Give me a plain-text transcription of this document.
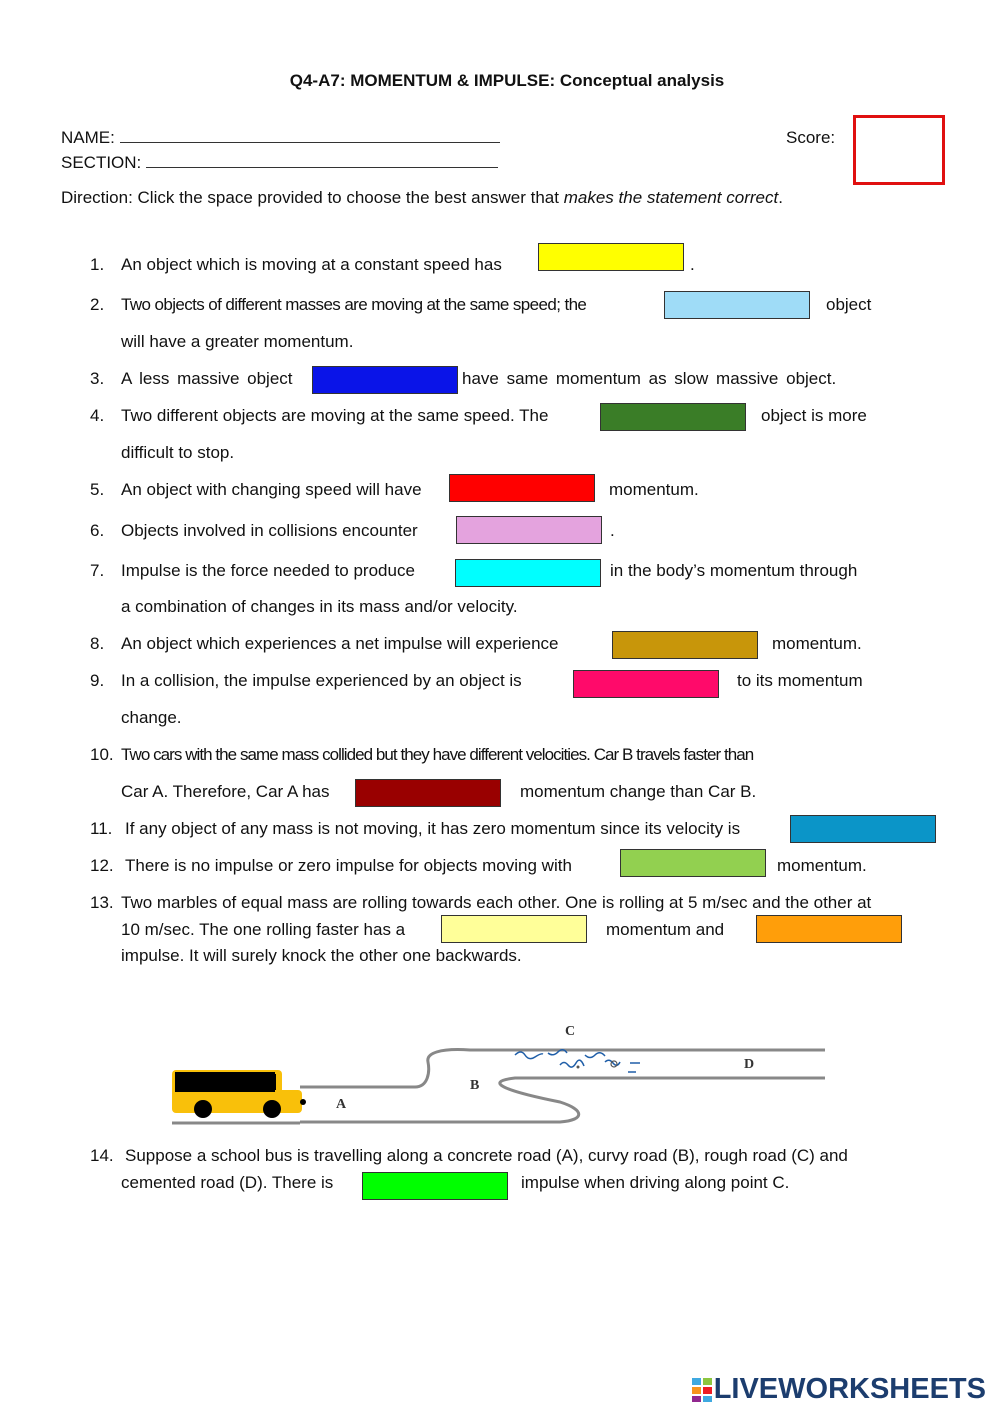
Q4-A7: MOMENTUM & IMPULSE: Conceptual analysis
NAME:
SECTION:
Score:
Direction: Click the space provided to choose the best answer that makes the statement correct.
1. An object which is moving at a constant speed has	.
2. Two objects of different masses are moving at the same speed; the	object
will have a greater momentum.
3. A less massive object	have same momentum as slow massive object.
4. Two different objects are moving at the same speed. The	object is more
difficult to stop.
5. An object with changing speed will have	momentum.
6. Objects involved in collisions encounter	.
7. Impulse is the force needed to produce	in the body’s momentum through
a combination of changes in its mass and/or velocity.
8. An object which experiences a net impulse will experience	momentum.
9. In a collision, the impulse experienced by an object is	to its momentum
change.
10. Two cars with the same mass collided but they have different velocities. Car B travels faster than
Car A. Therefore, Car A has	momentum change than Car B.
11. If any object of any mass is not moving, it has zero momentum since its velocity is
12. There is no impulse or zero impulse for objects moving with	momentum.
13. Two marbles of equal mass are rolling towards each other. One is rolling at 5 m/sec and the other at
10 m/sec. The one rolling faster has a	momentum and
impulse. It will surely knock the other one backwards.
C
B
A
D
14. Suppose a school bus is travelling along a concrete road (A), curvy road (B), rough road (C) and
cemented road (D). There is	impulse when driving along point C.
LIVEWORKSHEETS
